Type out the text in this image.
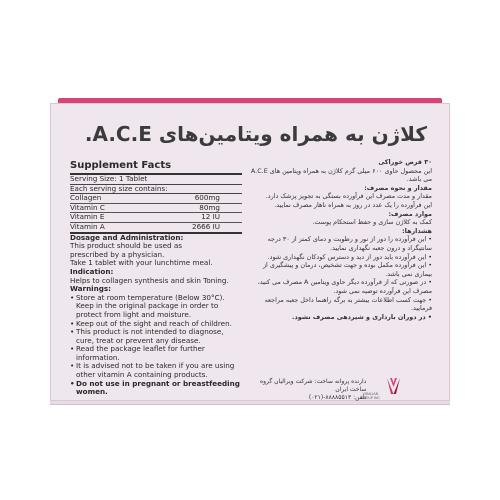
کلاژن به همراه ویتامین‌های A.C.E.
Supplement Facts
Serving Size: 1 Tablet
Each serving size contains:
Collagen	600mg
Vitamin C	80mg
Vitamin E	12 IU
Vitamin A	2666 IU
Dosage and Administration:
This product should be used as
prescribed by a physician.
Take 1 tablet with your lunchtime meal.
Indication:
Helps to collagen synthesis and skin Toning.
Warnings:
• Store at room temperature (Below 30°C). Keep in the original package in order to protect from light and moisture.
• Keep out of the sight and reach of children.
• This product is not intended to diagnose, cure, treat or prevent any disease.
• Read the package leaflet for further information.
• It is advised not to be taken if you are using other vitamin A containing products.
• Do not use in pregnant or breastfeeding women.

۳۰ قرص خوراکی

این محصول حاوی ۶۰۰ میلی گرم کلاژن به همراه ویتامین های A.C.E می باشد.

مقدار و نحوه مصرف:

مقدار و مدت مصرف این فرآورده بستگی به تجویز پزشک دارد.

این فرآورده را یک عدد در روز به همراه ناهار مصرف نمایید.

موارد مصرف:

کمک به کلاژن سازی و حفظ استحکام پوست.

هشدارها:

• این فرآورده را دور از نور و رطوبت و دمای کمتر از ۳۰ درجه سانتیگراد و درون جعبه نگهداری نمایید.

• این فرآورده باید دور از دید و دسترس کودکان نگهداری شود.

• این فرآورده مکمل بوده و جهت تشخیص، درمان و پیشگیری از بیماری نمی باشد.

• در صورتی که از فرآورده دیگر حاوی ویتامین A مصرف می کنید، مصرف این فرآورده توصیه نمی شود.

• جهت کسب اطلاعات بیشتر به برگه راهنما داخل جعبه مراجعه فرمایید.

• در دوران بارداری و شیردهی مصرف نشود.

VIRALIAN GROUP INC
دارنده پروانه ساخت: شرکت ویرالیان گروه
ساخت ایران
تلفن: ۸۸۸۸۵۵۱۳-(۰۲۱)
